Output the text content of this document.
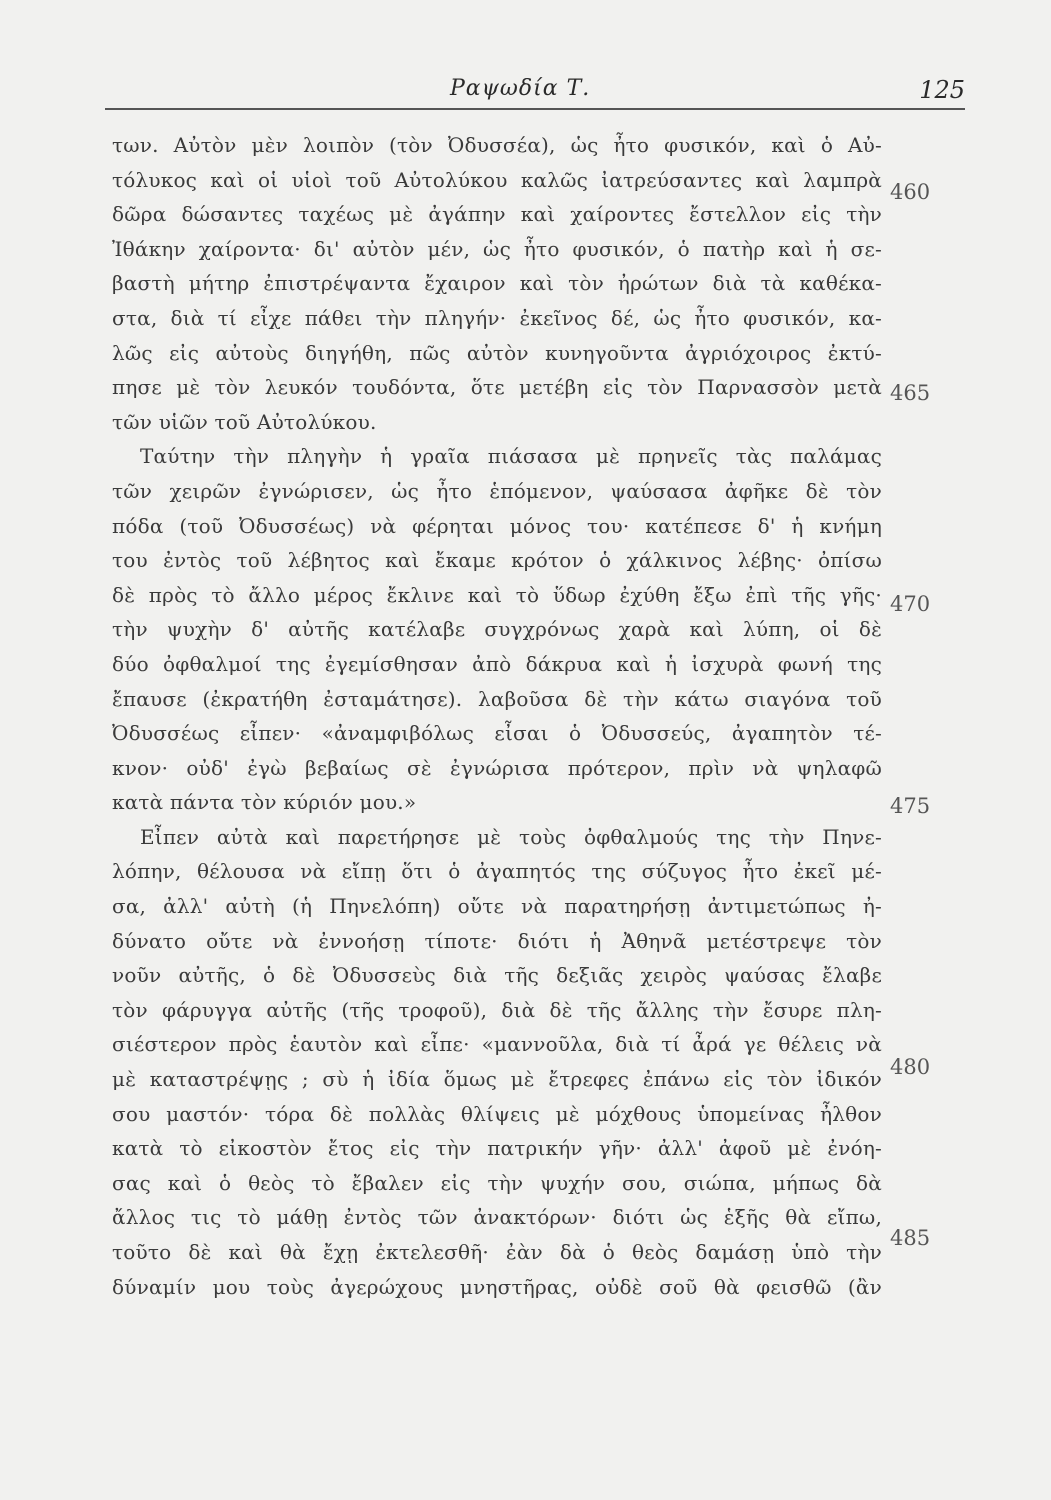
Ραψωδία Τ.	125
των. Αὐτὸν μὲν λοιπὸν (τὸν Ὀδυσσέα), ὡς ἦτο φυσικόν, καὶ ὁ Αὐ-
τόλυκος καὶ οἱ υἱοὶ τοῦ Αὐτολύκου καλῶς ἰατρεύσαντες καὶ λαμπρὰ
δῶρα δώσαντες ταχέως μὲ ἀγάπην καὶ χαίροντες ἔστελλον εἰς τὴν
Ἰθάκην χαίροντα· δι' αὐτὸν μέν, ὡς ἦτο φυσικόν, ὁ πατὴρ καὶ ἡ σε-
βαστὴ μήτηρ ἐπιστρέψαντα ἔχαιρον καὶ τὸν ἠρώτων διὰ τὰ καθέκα-
στα, διὰ τί εἶχε πάθει τὴν πληγήν· ἐκεῖνος δέ, ὡς ἦτο φυσικόν, κα-
λῶς εἰς αὐτοὺς διηγήθη, πῶς αὐτὸν κυνηγοῦντα ἀγριόχοιρος ἐκτύ-
πησε μὲ τὸν λευκόν τουδόντα, ὅτε μετέβη εἰς τὸν Παρνασσὸν μετὰ
τῶν υἱῶν τοῦ Αὐτολύκου.
Ταύτην τὴν πληγὴν ἡ γραῖα πιάσασα μὲ πρηνεῖς τὰς παλάμας
τῶν χειρῶν ἐγνώρισεν, ὡς ἦτο ἑπόμενον, ψαύσασα ἀφῆκε δὲ τὸν
πόδα (τοῦ Ὀδυσσέως) νὰ φέρηται μόνος του· κατέπεσε δ' ἡ κνήμη
του ἐντὸς τοῦ λέβητος καὶ ἔκαμε κρότον ὁ χάλκινος λέβης· ὀπίσω
δὲ πρὸς τὸ ἄλλο μέρος ἔκλινε καὶ τὸ ὕδωρ ἐχύθη ἔξω ἐπὶ τῆς γῆς·
τὴν ψυχὴν δ' αὐτῆς κατέλαβε συγχρόνως χαρὰ καὶ λύπη, οἱ δὲ
δύο ὀφθαλμοί της ἐγεμίσθησαν ἀπὸ δάκρυα καὶ ἡ ἰσχυρὰ φωνή της
ἔπαυσε (ἐκρατήθη ἐσταμάτησε). λαβοῦσα δὲ τὴν κάτω σιαγόνα τοῦ
Ὀδυσσέως εἶπεν· «ἀναμφιβόλως εἶσαι ὁ Ὀδυσσεύς, ἀγαπητὸν τέ-
κνον· οὐδ' ἐγὼ βεβαίως σὲ ἐγνώρισα πρότερον, πρὶν νὰ ψηλαφῶ
κατὰ πάντα τὸν κύριόν μου.»
Εἶπεν αὐτὰ καὶ παρετήρησε μὲ τοὺς ὀφθαλμούς της τὴν Πηνε-
λόπην, θέλουσα νὰ εἴπῃ ὅτι ὁ ἀγαπητός της σύζυγος ἦτο ἐκεῖ μέ-
σα, ἀλλ' αὐτὴ (ἡ Πηνελόπη) οὔτε νὰ παρατηρήσῃ ἀντιμετώπως ἠ-
δύνατο οὔτε νὰ ἐννοήσῃ τίποτε· διότι ἡ Ἀθηνᾶ μετέστρεψε τὸν
νοῦν αὐτῆς, ὁ δὲ Ὀδυσσεὺς διὰ τῆς δεξιᾶς χειρὸς ψαύσας ἔλαβε
τὸν φάρυγγα αὐτῆς (τῆς τροφοῦ), διὰ δὲ τῆς ἄλλης τὴν ἔσυρε πλη-
σιέστερον πρὸς ἑαυτὸν καὶ εἶπε· «μαννοῦλα, διὰ τί ἆρά γε θέλεις νὰ
μὲ καταστρέψῃς ; σὺ ἡ ἰδία ὅμως μὲ ἔτρεφες ἐπάνω εἰς τὸν ἰδικόν
σου μαστόν· τόρα δὲ πολλὰς θλίψεις μὲ μόχθους ὑπομείνας ἦλθον
κατὰ τὸ εἰκοστὸν ἔτος εἰς τὴν πατρικήν γῆν· ἀλλ' ἀφοῦ μὲ ἐνόη-
σας καὶ ὁ θεὸς τὸ ἔβαλεν εἰς τὴν ψυχήν σου, σιώπα, μήπως δὰ
ἄλλος τις τὸ μάθῃ ἐντὸς τῶν ἀνακτόρων· διότι ὡς ἑξῆς θὰ εἴπω,
τοῦτο δὲ καὶ θὰ ἔχῃ ἐκτελεσθῆ· ἐὰν δὰ ὁ θεὸς δαμάσῃ ὑπὸ τὴν
δύναμίν μου τοὺς ἀγερώχους μνηστῆρας, οὐδὲ σοῦ θὰ φεισθῶ (ἂν
460
465
470
475
480
485
